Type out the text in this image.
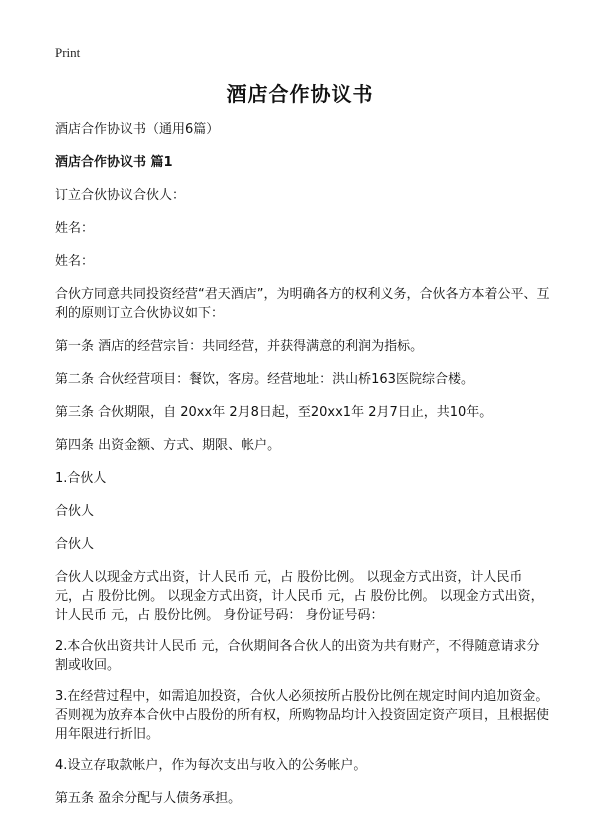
Print
酒店合作协议书

酒店合作协议书（通用6篇）

酒店合作协议书 篇1

订立合伙协议合伙人：

姓名：

姓名：

合伙方同意共同投资经营“君天酒店”，为明确各方的权利义务，合伙各方本着公平、互利的原则订立合伙协议如下：

第一条 酒店的经营宗旨：共同经营，并获得满意的利润为指标。

第二条 合伙经营项目：餐饮，客房。经营地址：洪山桥163医院综合楼。

第三条 合伙期限，自 20xx年 2月8日起，至20xx1年 2月7日止，共10年。

第四条 出资金额、方式、期限、帐户。

1.合伙人

合伙人

合伙人

合伙人以现金方式出资，计人民币 元，占 股份比例。 以现金方式出资，计人民币 元，占 股份比例。 以现金方式出资，计人民币 元，占 股份比例。 以现金方式出资，计人民币 元，占 股份比例。 身份证号码： 身份证号码：

2.本合伙出资共计人民币 元，合伙期间各合伙人的出资为共有财产，不得随意请求分割或收回。

3.在经营过程中，如需追加投资，合伙人必须按所占股份比例在规定时间内追加资金。否则视为放弃本合伙中占股份的所有权，所购物品均计入投资固定资产项目，且根据使用年限进行折旧。

4.设立存取款帐户，作为每次支出与收入的公务帐户。

第五条 盈余分配与人债务承担。
